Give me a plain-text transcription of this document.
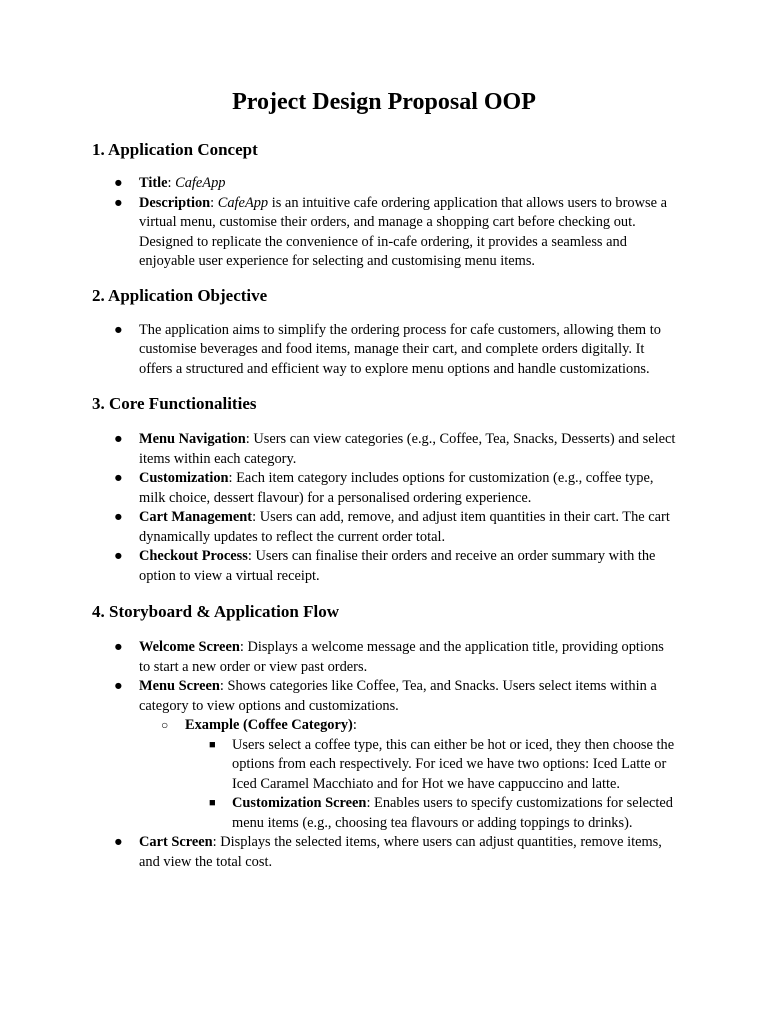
Project Design Proposal OOP
1. Application Concept
● Title: CafeApp
● Description: CafeApp is an intuitive cafe ordering application that allows users to browse a virtual menu, customise their orders, and manage a shopping cart before checking out. Designed to replicate the convenience of in-cafe ordering, it provides a seamless and enjoyable user experience for selecting and customising menu items.
2. Application Objective
● The application aims to simplify the ordering process for cafe customers, allowing them to customise beverages and food items, manage their cart, and complete orders digitally. It offers a structured and efficient way to explore menu options and handle customizations.
3. Core Functionalities
● Menu Navigation: Users can view categories (e.g., Coffee, Tea, Snacks, Desserts) and select items within each category.
● Customization: Each item category includes options for customization (e.g., coffee type, milk choice, dessert flavour) for a personalised ordering experience.
● Cart Management: Users can add, remove, and adjust item quantities in their cart. The cart dynamically updates to reflect the current order total.
● Checkout Process: Users can finalise their orders and receive an order summary with the option to view a virtual receipt.
4. Storyboard & Application Flow
● Welcome Screen: Displays a welcome message and the application title, providing options to start a new order or view past orders.
● Menu Screen: Shows categories like Coffee, Tea, and Snacks. Users select items within a category to view options and customizations.
○ Example (Coffee Category):
■ Users select a coffee type, this can either be hot or iced, they then choose the options from each respectively. For iced we have two options: Iced Latte or Iced Caramel Macchiato and for Hot we have cappuccino and latte.
■ Customization Screen: Enables users to specify customizations for selected menu items (e.g., choosing tea flavours or adding toppings to drinks).
● Cart Screen: Displays the selected items, where users can adjust quantities, remove items, and view the total cost.
